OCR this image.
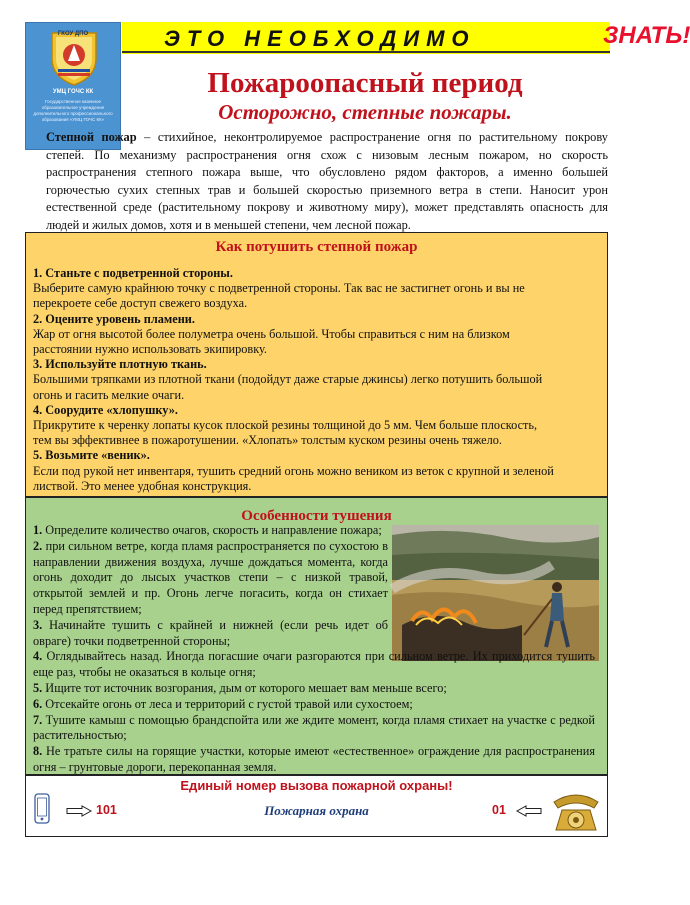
ГКОУ ДПО
УМЦ ГОЧС КК
Государственное казенное образовательное учреждение дополнительного профессионального образования «УМЦ ГОЧС КК»
ЭТО НЕОБХОДИМО	ЗНАТЬ!
Пожароопасный период
Осторожно, степные пожары.
Степной пожар – стихийное, неконтролируемое распространение огня по растительному покрову степей. По механизму распространения огня схож с низовым лесным пожаром, но скорость распространения степного пожара выше, что обусловлено рядом факторов, а именно большей горючестью сухих степных трав и большей скоростью приземного ветра в степи. Наносит урон естественной среде (растительному покрову и животному миру), может представлять опасность для людей и жилых домов, хотя и в меньшей степени, чем лесной пожар.
Как потушить степной пожар
1. Станьте с подветренной стороны.
Выберите самую крайнюю точку с подветренной стороны. Так вас не застигнет огонь и вы не перекроете себе доступ свежего воздуха.
2. Оцените уровень пламени.
Жар от огня высотой более полуметра очень большой. Чтобы справиться с ним на близком расстоянии нужно использовать экипировку.
3. Используйте плотную ткань.
Большими тряпками из плотной ткани (подойдут даже старые джинсы) легко потушить большой огонь и гасить мелкие очаги.
4. Соорудите «хлопушку».
Прикрутите к черенку лопаты кусок плоской резины толщиной до 5 мм. Чем больше плоскость, тем вы эффективнее в пожаротушении. «Хлопать» толстым куском резины очень тяжело.
5. Возьмите «веник».
Если под рукой нет инвентаря, тушить средний огонь можно веником из веток с крупной и зеленой листвой. Это менее удобная конструкция.
Особенности тушения

1. Определите количество очагов, скорость и направление пожара;

2. при сильном ветре, когда пламя распространяется по сухостою в направлении движения воздуха, лучше дождаться момента, когда огонь доходит до лысых участков степи – с низкой травой, открытой землей и пр. Огонь легче погасить, когда он стихает перед препятствием;

3. Начинайте тушить с крайней и нижней (если речь идет об овраге) точки подветренной стороны;

4. Оглядывайтесь назад. Иногда погасшие очаги разгораются при сильном ветре. Их приходится тушить еще раз, чтобы не оказаться в кольце огня;

5. Ищите тот источник возгорания, дым от которого мешает вам меньше всего;

6. Отсекайте огонь от леса и территорий с густой травой или сухостоем;

7. Тушите камыш с помощью брандспойта или же ждите момент, когда пламя стихает на участке с редкой растительностью;

8. Не тратьте силы на горящие участки, которые имеют «естественное» ограждение для распространения огня – грунтовые дороги, перекопанная земля.

Единый номер вызова пожарной охраны!
101	Пожарная охрана	01
